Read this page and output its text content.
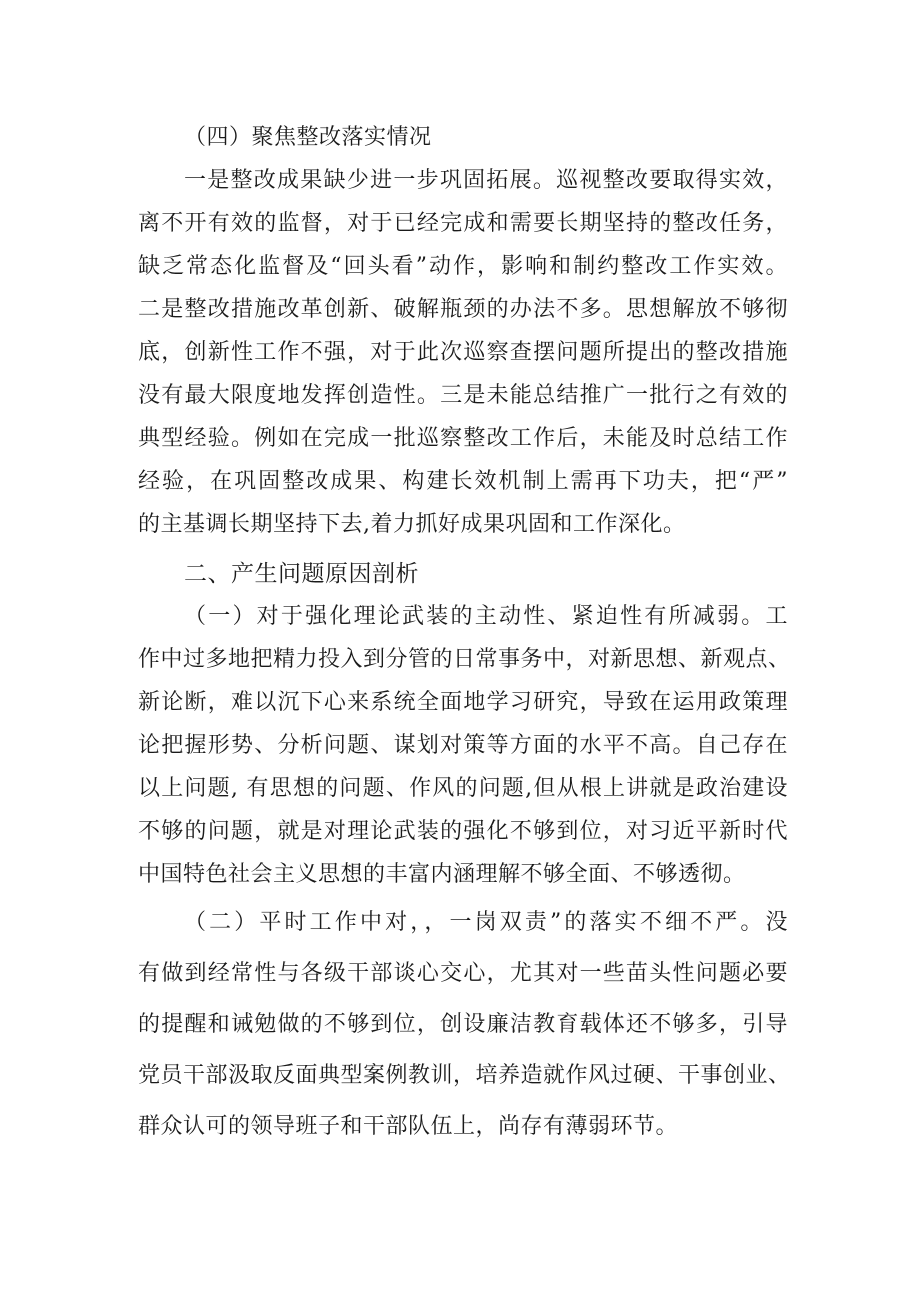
（四）聚焦整改落实情况
一是整改成果缺少进一步巩固拓展。巡视整改要取得实效，
离不开有效的监督，对于已经完成和需要长期坚持的整改任务，
缺乏常态化监督及“回头看”动作，影响和制约整改工作实效。
二是整改措施改革创新、破解瓶颈的办法不多。思想解放不够彻
底，创新性工作不强，对于此次巡察查摆问题所提出的整改措施
没有最大限度地发挥创造性。三是未能总结推广一批行之有效的
典型经验。例如在完成一批巡察整改工作后，未能及时总结工作
经验，在巩固整改成果、构建长效机制上需再下功夫，把“严”
的主基调长期坚持下去,着力抓好成果巩固和工作深化。
二、产生问题原因剖析
（一）对于强化理论武装的主动性、紧迫性有所减弱。工
作中过多地把精力投入到分管的日常事务中，对新思想、新观点、
新论断，难以沉下心来系统全面地学习研究，导致在运用政策理
论把握形势、分析问题、谋划对策等方面的水平不高。自己存在
以上问题, 有思想的问题、作风的问题,但从根上讲就是政治建设
不够的问题，就是对理论武装的强化不够到位，对习近平新时代
中国特色社会主义思想的丰富内涵理解不够全面、不够透彻。
（二）平时工作中对，，一岗双责”的落实不细不严。没
有做到经常性与各级干部谈心交心，尤其对一些苗头性问题必要
的提醒和诫勉做的不够到位，创设廉洁教育载体还不够多，引导
党员干部汲取反面典型案例教训，培养造就作风过硬、干事创业、
群众认可的领导班子和干部队伍上，尚存有薄弱环节。
